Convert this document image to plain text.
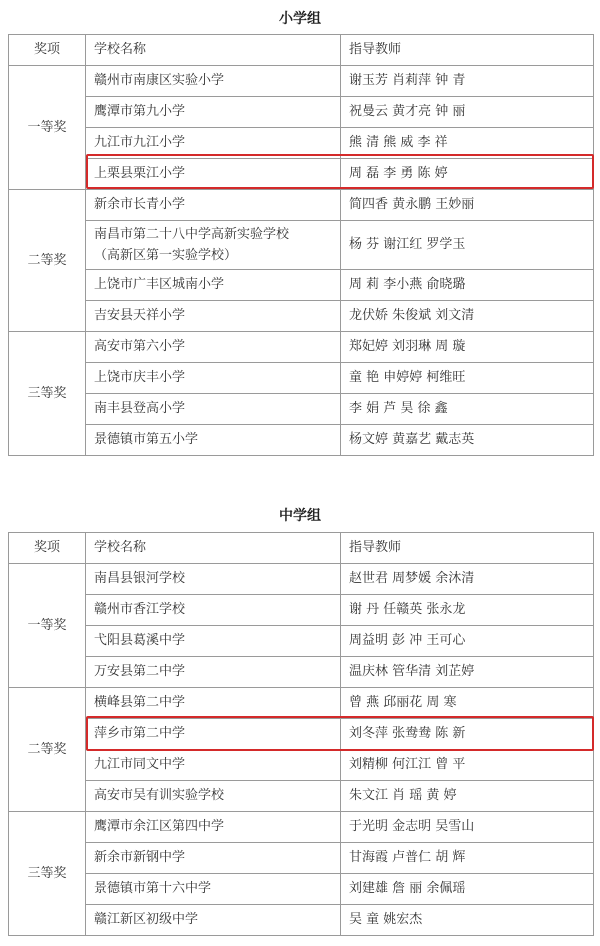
小学组
奖项	学校名称	指导教师
一等奖	赣州市南康区实验小学	谢玉芳 肖莉萍 钟 青
	鹰潭市第九小学	祝曼云 黄才亮 钟 丽
	九江市九江小学	熊 清 熊 威 李 祥
	上栗县栗江小学	周 磊 李 勇 陈 婷
二等奖	新余市长青小学	简四香 黄永鹏 王妙丽

	南昌市第二十八中学高新实验学校
（高新区第一实验学校）	杨 芬 谢江红 罗学玉
	上饶市广丰区城南小学	周 莉 李小燕 俞晓璐
	吉安县天祥小学	龙伏娇 朱俊斌 刘文清
三等奖	高安市第六小学	郑妃婷 刘羽琳 周 璇
	上饶市庆丰小学	童 艳 申婷婷 柯维旺
	南丰县登高小学	李 娟 芦 昊 徐 鑫
	景德镇市第五小学	杨文婷 黄嘉艺 戴志英
中学组
奖项	学校名称	指导教师
一等奖	南昌县银河学校	赵世君 周梦媛 余沐清
	赣州市香江学校	谢 丹 任赣英 张永龙
	弋阳县葛溪中学	周益明 彭 冲 王可心
	万安县第二中学	温庆林 管华清 刘芷婷
二等奖	横峰县第二中学	曾 燕 邱丽花 周 寒
	萍乡市第二中学	刘冬萍 张鸯鸯 陈 新
	九江市同文中学	刘精柳 何江江 曾 平
	高安市吴有训实验学校	朱文江 肖 瑶 黄 婷
三等奖	鹰潭市余江区第四中学	于光明 金志明 吴雪山
	新余市新钢中学	甘海霞 卢普仁 胡 辉
	景德镇市第十六中学	刘建雄 詹 丽 余佩瑶
	赣江新区初级中学	吴 童 姚宏杰
